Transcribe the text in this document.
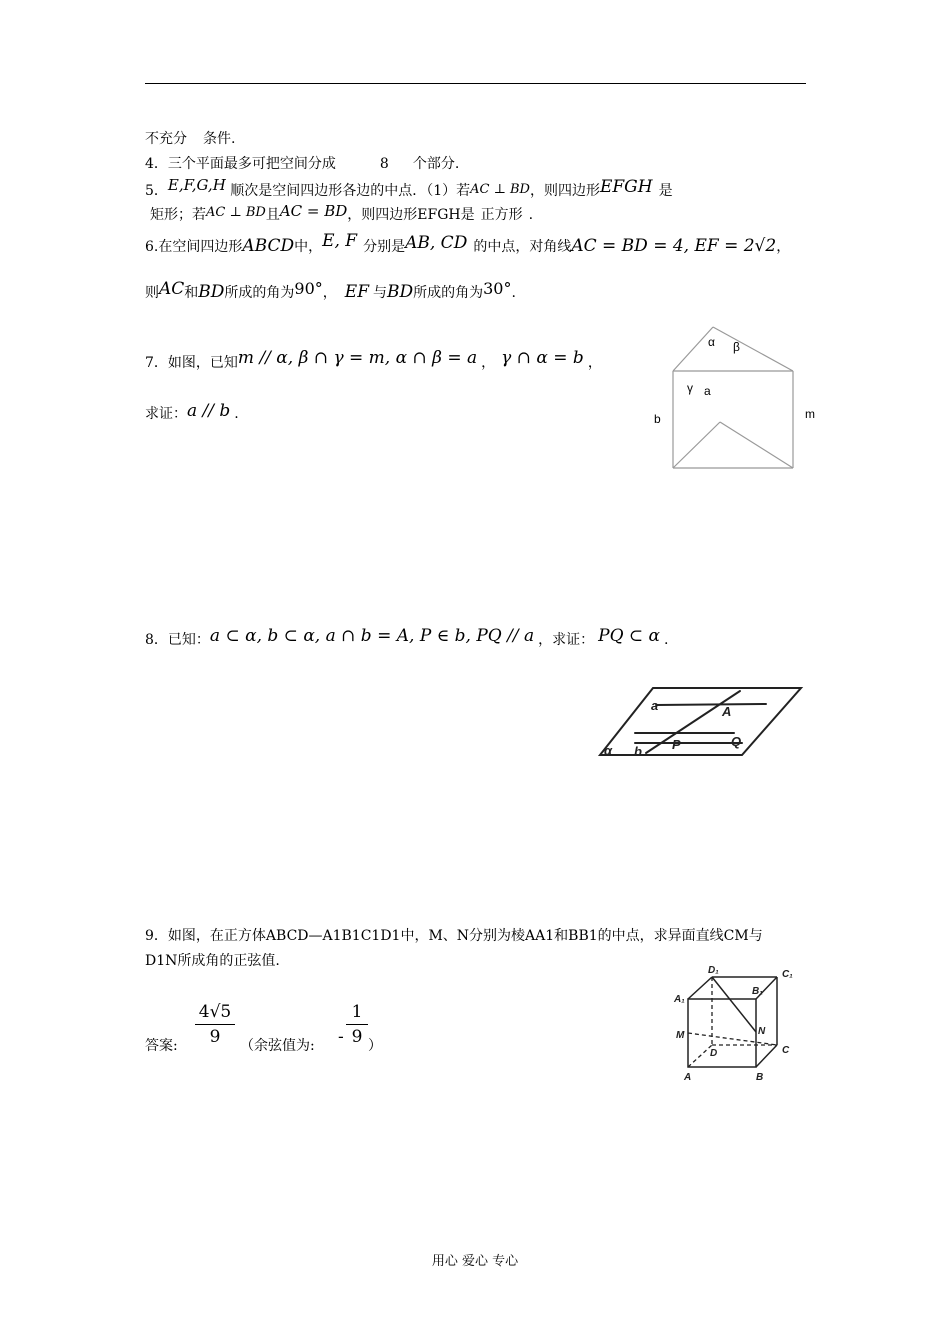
不充分 条件.
4．三个平面最多可把空间分成	8 个部分.
5．E,F,G,H 顺次是空间四边形各边的中点．（1）若AC ⊥ BD，则四边形EFGH 是
矩形；若AC ⊥ BD且AC = BD，则四边形EFGH是 正方形 .
6.在空间四边形ABCD中，E, F 分别是AB, CD 的中点，对角线AC = BD = 4, EF = 2√2，
则AC和BD所成的角为90°， EF 与BD所成的角为30°.
7．如图，已知m // α, β ∩ γ = m, α ∩ β = a ， γ ∩ α = b ，
求证：a // b .
α β
γ a
b	m
8．已知：a ⊂ α, b ⊂ α, a ∩ b = A, P ∈ b, PQ // a ，求证： PQ ⊂ α .
a	A
b P	Q
α
9．如图，在正方体ABCD—A1B1C1D1中，M、N分别为棱AA1和BB1的中点，求异面直线CM与
D1N所成角的正弦值.
答案:
4√5
9	（余弦值为: -
1
9 ）
D₁	C₁
A₁
B₁
M	N
D	C
A	B
用心 爱心 专心
